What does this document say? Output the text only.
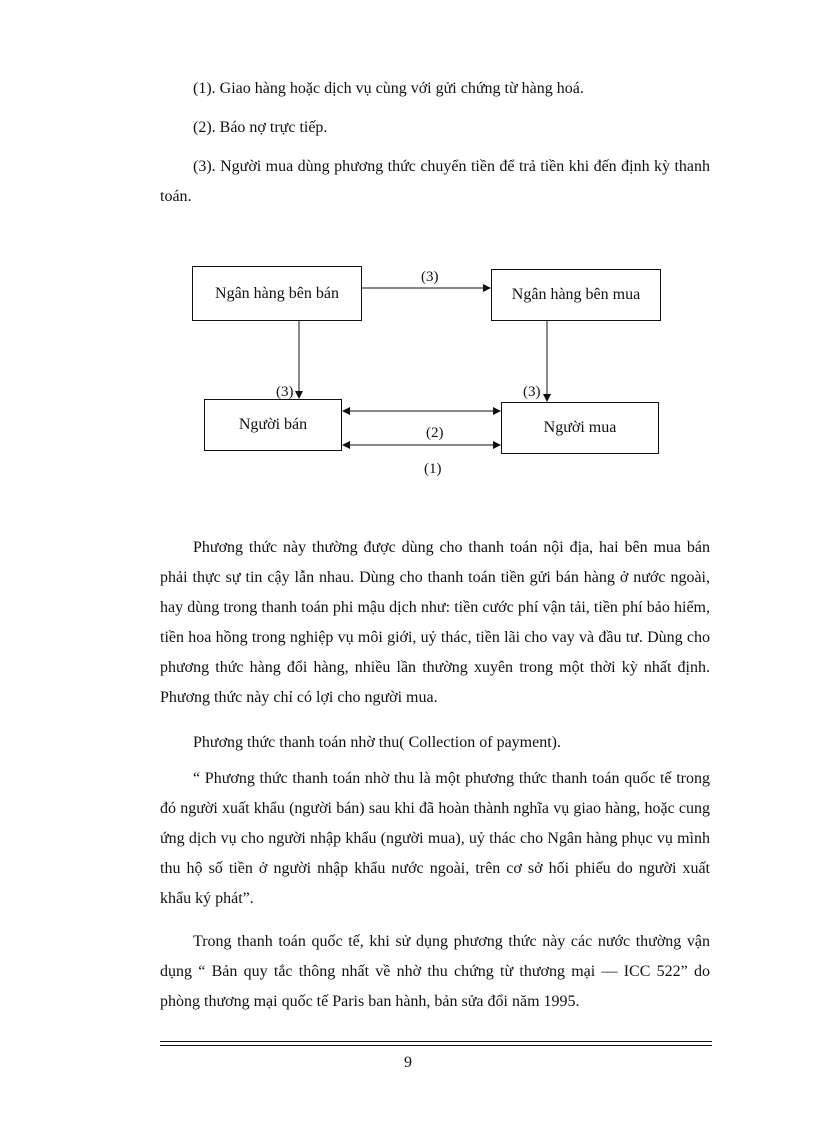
(1). Giao hàng hoặc dịch vụ cùng với gửi chứng từ hàng hoá.

(2). Báo nợ trực tiếp.

(3). Người mua dùng phương thức chuyển tiền để trả tiền khi đến định kỳ thanh toán.

Ngân hàng bên bán	Ngân hàng bên mua
Người bán	Người mua
(3)
(3)	(3)
(2)
(1)

Phương thức này thường được dùng cho thanh toán nội địa, hai bên mua bán phải thực sự tin cậy lẫn nhau. Dùng cho thanh toán tiền gửi bán hàng ở nước ngoài, hay dùng trong thanh toán phi mậu dịch như: tiền cước phí vận tải, tiền phí bảo hiểm, tiền hoa hồng trong nghiệp vụ môi giới, uỷ thác, tiền lãi cho vay và đầu tư. Dùng cho phương thức hàng đổi hàng, nhiều lần thường xuyên trong một thời kỳ nhất định. Phương thức này chỉ có lợi cho người mua.

Phương thức thanh toán nhờ thu( Collection of payment).

“ Phương thức thanh toán nhờ thu là một phương thức thanh toán quốc tế trong đó người xuất khẩu (người bán) sau khi đã hoàn thành nghĩa vụ giao hàng, hoặc cung ứng dịch vụ cho người nhập khẩu (người mua), uỷ thác cho Ngân hàng phục vụ mình thu hộ số tiền ở người nhập khẩu nước ngoài, trên cơ sở hối phiếu do người xuất khẩu ký phát”.

Trong thanh toán quốc tế, khi sử dụng phương thức này các nước thường vận dụng “ Bản quy tắc thông nhất về nhờ thu chứng từ thương mại — ICC 522” do phòng thương mại quốc tế Paris ban hành, bản sửa đổi năm 1995.

9
